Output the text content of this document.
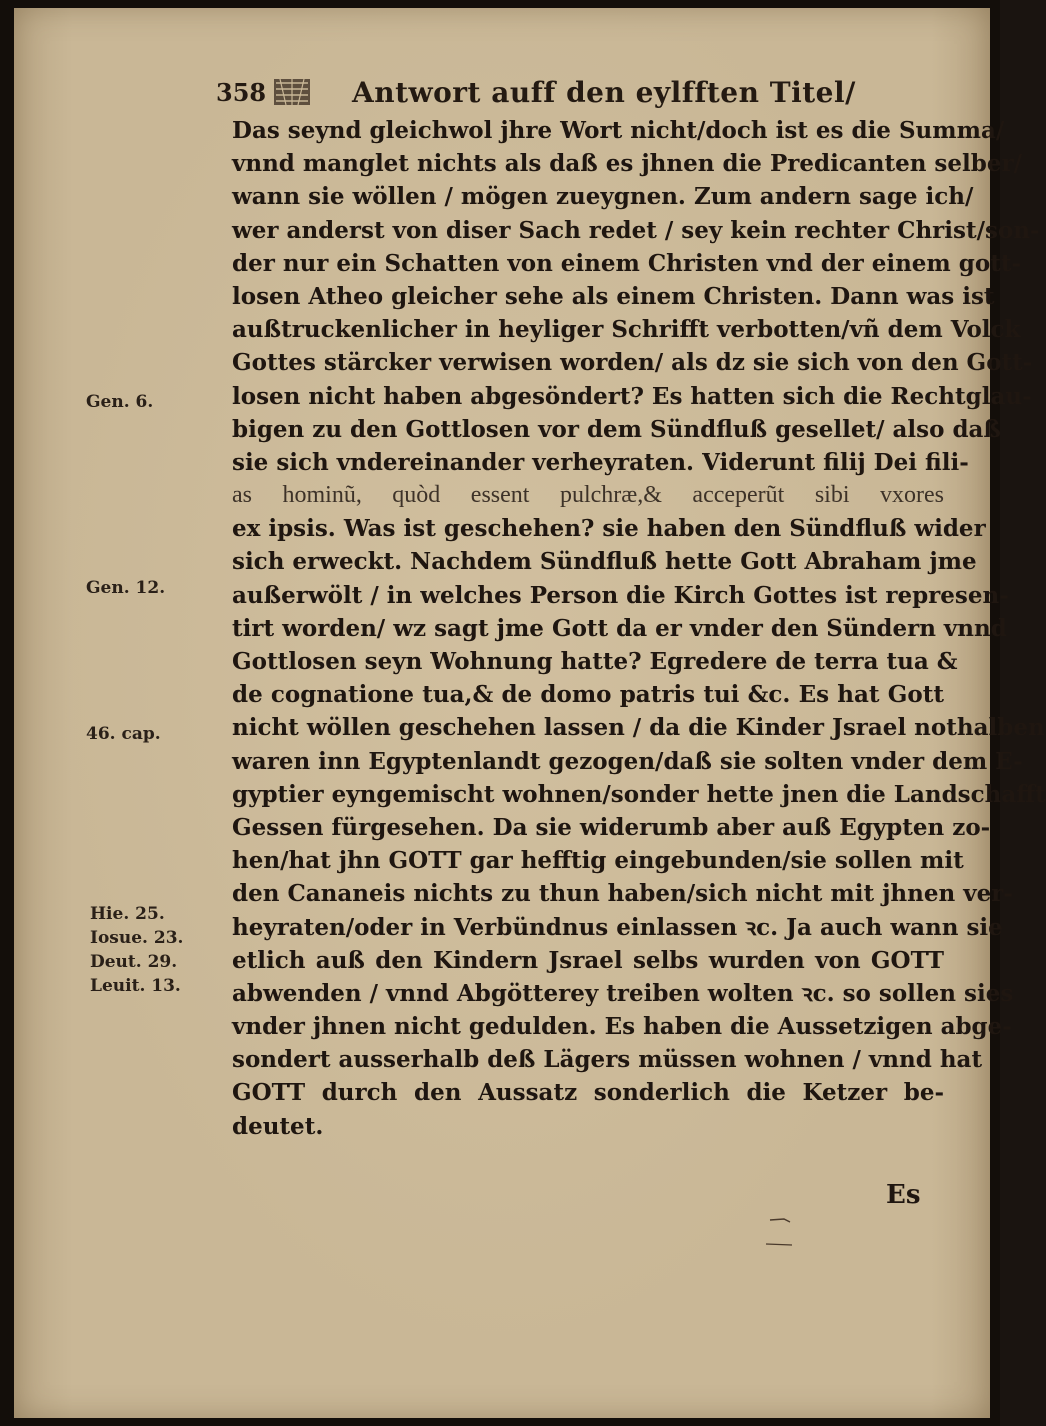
358	Antwort auff den eylfften Titel/
Das seynd gleichwol jhre Wort nicht/doch ist es die Summa/
vnnd manglet nichts als daß es jhnen die Predicanten selber/
wann sie wöllen / mögen zueygnen. Zum andern sage ich/
wer anderst von diser Sach redet / sey kein rechter Christ/son-
der nur ein Schatten von einem Christen vnd der einem gott-
losen Atheo gleicher sehe als einem Christen. Dann was ist
außtruckenlicher in heyliger Schrifft verbotten/vñ dem Volck
Gottes stärcker verwisen worden/ als dz sie sich von den Gott-
losen nicht haben abgesöndert? Es hatten sich die Rechtglau-
bigen zu den Gottlosen vor dem Sündfluß gesellet/ also daß
sie sich vndereinander verheyraten. Viderunt filij Dei fili-
as hominũ, quòd essent pulchræ,& acceperũt sibi vxores
ex ipsis. Was ist geschehen? sie haben den Sündfluß wider
sich erweckt. Nachdem Sündfluß hette Gott Abraham jme
außerwölt / in welches Person die Kirch Gottes ist represen-
tirt worden/ wz sagt jme Gott da er vnder den Sündern vnnd
Gottlosen seyn Wohnung hatte? Egredere de terra tua &
de cognatione tua,& de domo patris tui &c. Es hat Gott
nicht wöllen geschehen lassen / da die Kinder Jsrael nothalben
waren inn Egyptenlandt gezogen/daß sie solten vnder dem E-
gyptier eyngemischt wohnen/sonder hette jnen die Landschafft
Gessen fürgesehen. Da sie widerumb aber auß Egypten zo-
hen/hat jhn GOTT gar hefftig eingebunden/sie sollen mit
den Cananeis nichts zu thun haben/sich nicht mit jhnen ver-
heyraten/oder in Verbündnus einlassen ꝛc. Ja auch wann sie
etlich auß den Kindern Jsrael selbs wurden von GOTT
abwenden / vnnd Abgötterey treiben wolten ꝛc. so sollen sies
vnder jhnen nicht gedulden. Es haben die Aussetzigen abge-
sondert ausserhalb deß Lägers müssen wohnen / vnnd hat
GOTT durch den Aussatz sonderlich die Ketzer be-
deutet.
Gen. 6.
Gen. 12.
46. cap.
Hie. 25.
Iosue. 23.
Deut. 29.
Leuit. 13.
Es
